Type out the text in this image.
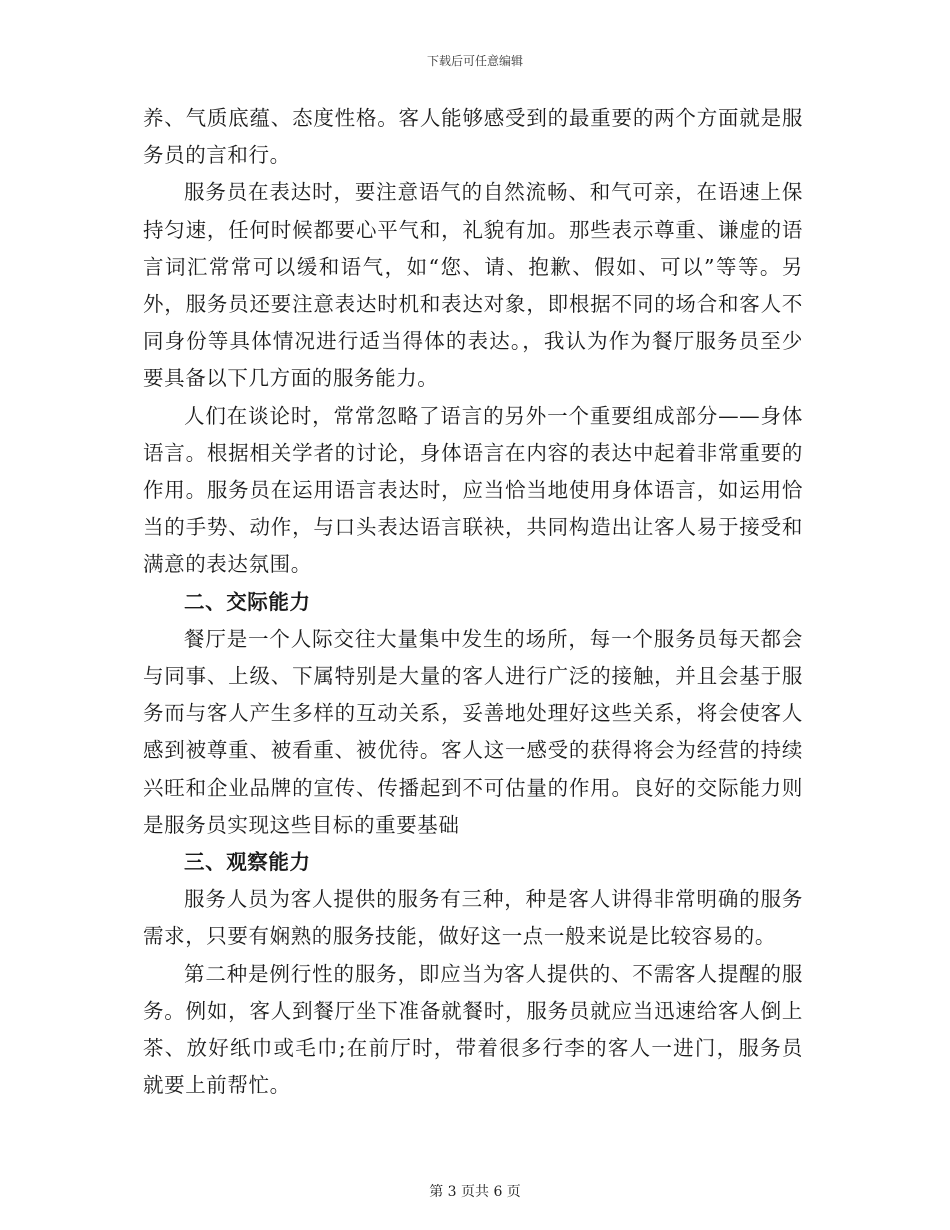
下载后可任意编辑

养、气质底蕴、态度性格。客人能够感受到的最重要的两个方面就是服务员的言和行。

服务员在表达时，要注意语气的自然流畅、和气可亲，在语速上保持匀速，任何时候都要心平气和，礼貌有加。那些表示尊重、谦虚的语言词汇常常可以缓和语气，如“您、请、抱歉、假如、可以”等等。另外，服务员还要注意表达时机和表达对象，即根据不同的场合和客人不同身份等具体情况进行适当得体的表达。，我认为作为餐厅服务员至少要具备以下几方面的服务能力。

人们在谈论时，常常忽略了语言的另外一个重要组成部分——身体语言。根据相关学者的讨论，身体语言在内容的表达中起着非常重要的作用。服务员在运用语言表达时，应当恰当地使用身体语言，如运用恰当的手势、动作，与口头表达语言联袂，共同构造出让客人易于接受和满意的表达氛围。

二、交际能力

餐厅是一个人际交往大量集中发生的场所，每一个服务员每天都会与同事、上级、下属特别是大量的客人进行广泛的接触，并且会基于服务而与客人产生多样的互动关系，妥善地处理好这些关系，将会使客人感到被尊重、被看重、被优待。客人这一感受的获得将会为经营的持续兴旺和企业品牌的宣传、传播起到不可估量的作用。良好的交际能力则是服务员实现这些目标的重要基础

三、观察能力

服务人员为客人提供的服务有三种，种是客人讲得非常明确的服务需求，只要有娴熟的服务技能，做好这一点一般来说是比较容易的。

第二种是例行性的服务，即应当为客人提供的、不需客人提醒的服务。例如，客人到餐厅坐下准备就餐时，服务员就应当迅速给客人倒上茶、放好纸巾或毛巾;在前厅时，带着很多行李的客人一进门，服务员就要上前帮忙。

第 3 页共 6 页
